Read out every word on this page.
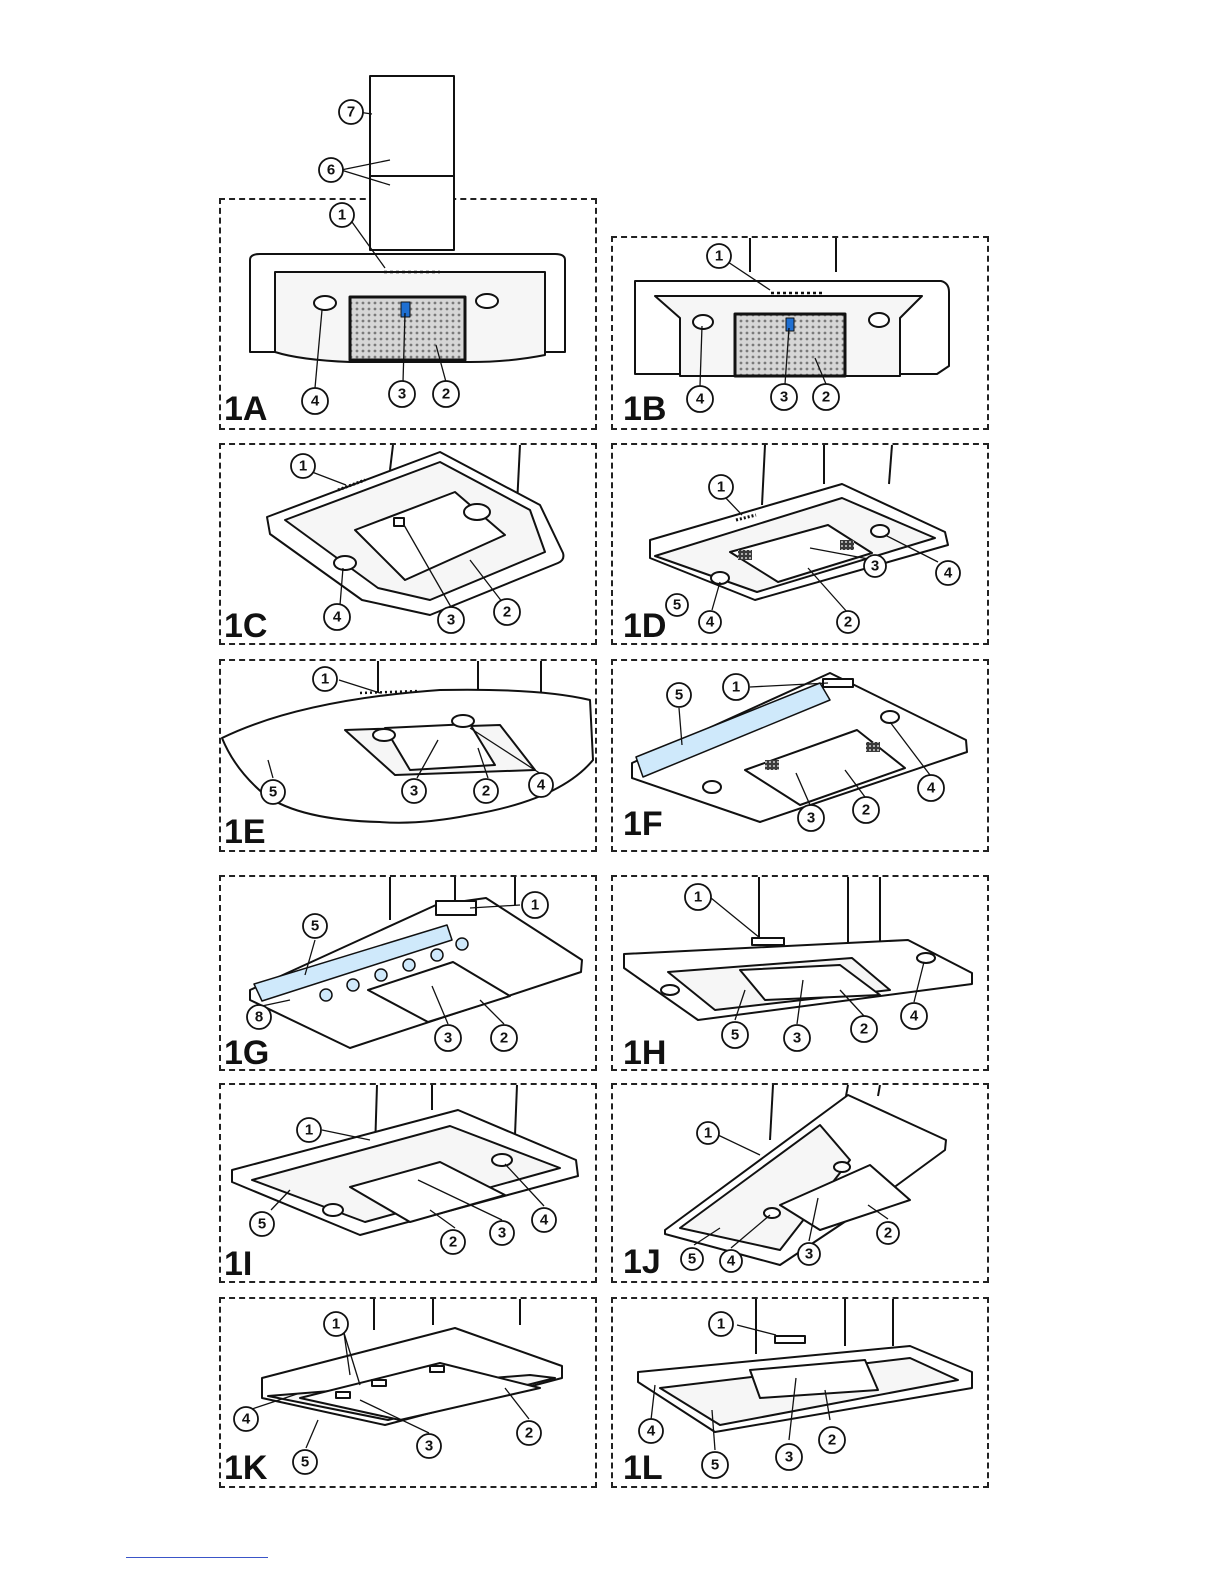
7
6
1
4	3 2
1
4	3 2
1
4	3	2
1
4
3
2
4
5
1
5	3	2	4
1
5
3	2
4
1
5
8
3	2
1
5	3
2
4
1
5
2
3
4
1
2
3
4
5
1
2
3
4
5
1
2
3
4
5
1A	1B
1C	1D
1E	1F
1G	1H
1I	1J
1K	1L
